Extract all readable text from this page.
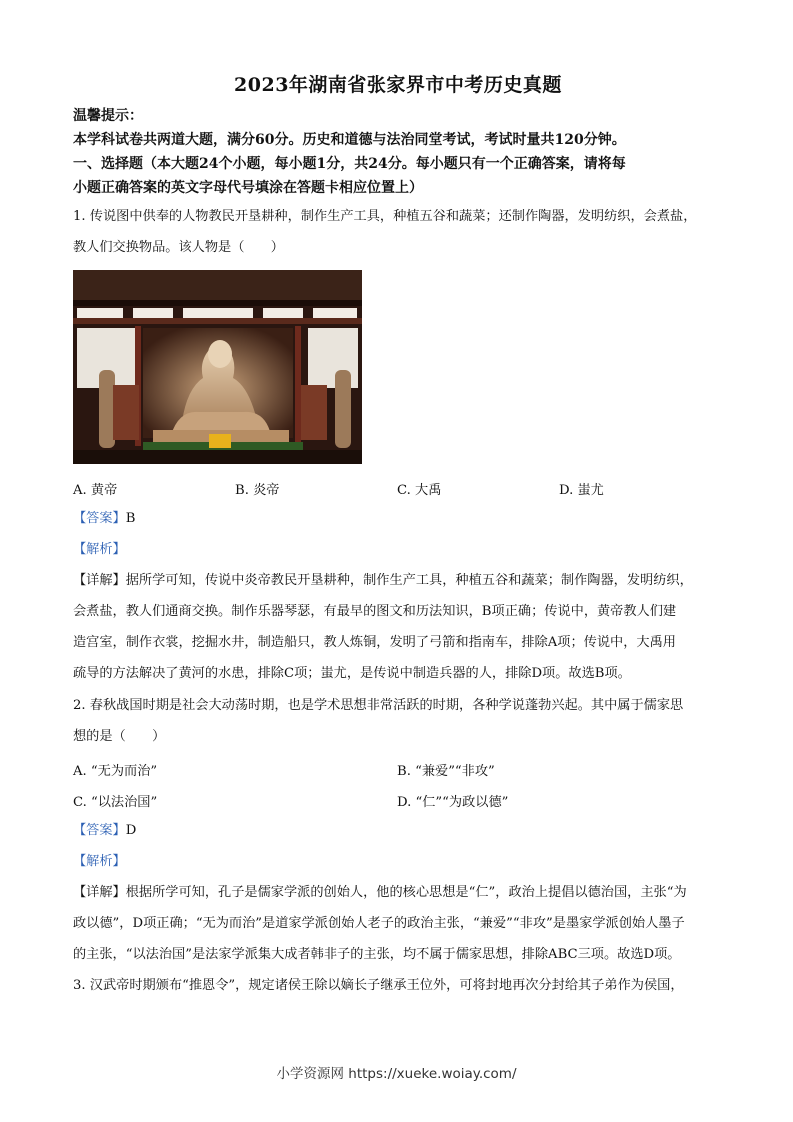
2023年湖南省张家界市中考历史真题
温馨提示：
本学科试卷共两道大题，满分60分。历史和道德与法治同堂考试，考试时量共120分钟。
一、选择题（本大题24个小题，每小题1分，共24分。每小题只有一个正确答案，请将每
小题正确答案的英文字母代号填涂在答题卡相应位置上）
1. 传说图中供奉的人物教民开垦耕种，制作生产工具，种植五谷和蔬菜；还制作陶器，发明纺织，会煮盐，
教人们交换物品。该人物是（　　）
A. 黄帝	B. 炎帝	C. 大禹	D. 蚩尤
【答案】B
【解析】
【详解】据所学可知，传说中炎帝教民开垦耕种，制作生产工具，种植五谷和蔬菜；制作陶器，发明纺织，
会煮盐，教人们通商交换。制作乐器琴瑟，有最早的图文和历法知识，B项正确；传说中，黄帝教人们建
造宫室，制作衣裳，挖掘水井，制造船只，教人炼铜，发明了弓箭和指南车，排除A项；传说中，大禹用
疏导的方法解决了黄河的水患，排除C项；蚩尤，是传说中制造兵器的人，排除D项。故选B项。
2. 春秋战国时期是社会大动荡时期，也是学术思想非常活跃的时期，各种学说蓬勃兴起。其中属于儒家思
想的是（　　）
A. “无为而治”	B. “兼爱”“非攻”
C. “以法治国”	D. “仁”“为政以德”
【答案】D
【解析】
【详解】根据所学可知，孔子是儒家学派的创始人，他的核心思想是“仁”，政治上提倡以德治国，主张“为
政以德”，D项正确；“无为而治”是道家学派创始人老子的政治主张，“兼爱”“非攻”是墨家学派创始人墨子
的主张，“以法治国”是法家学派集大成者韩非子的主张，均不属于儒家思想，排除ABC三项。故选D项。
3. 汉武帝时期颁布“推恩令”，规定诸侯王除以嫡长子继承王位外，可将封地再次分封给其子弟作为侯国，
小学资源网 https://xueke.woiay.com/
